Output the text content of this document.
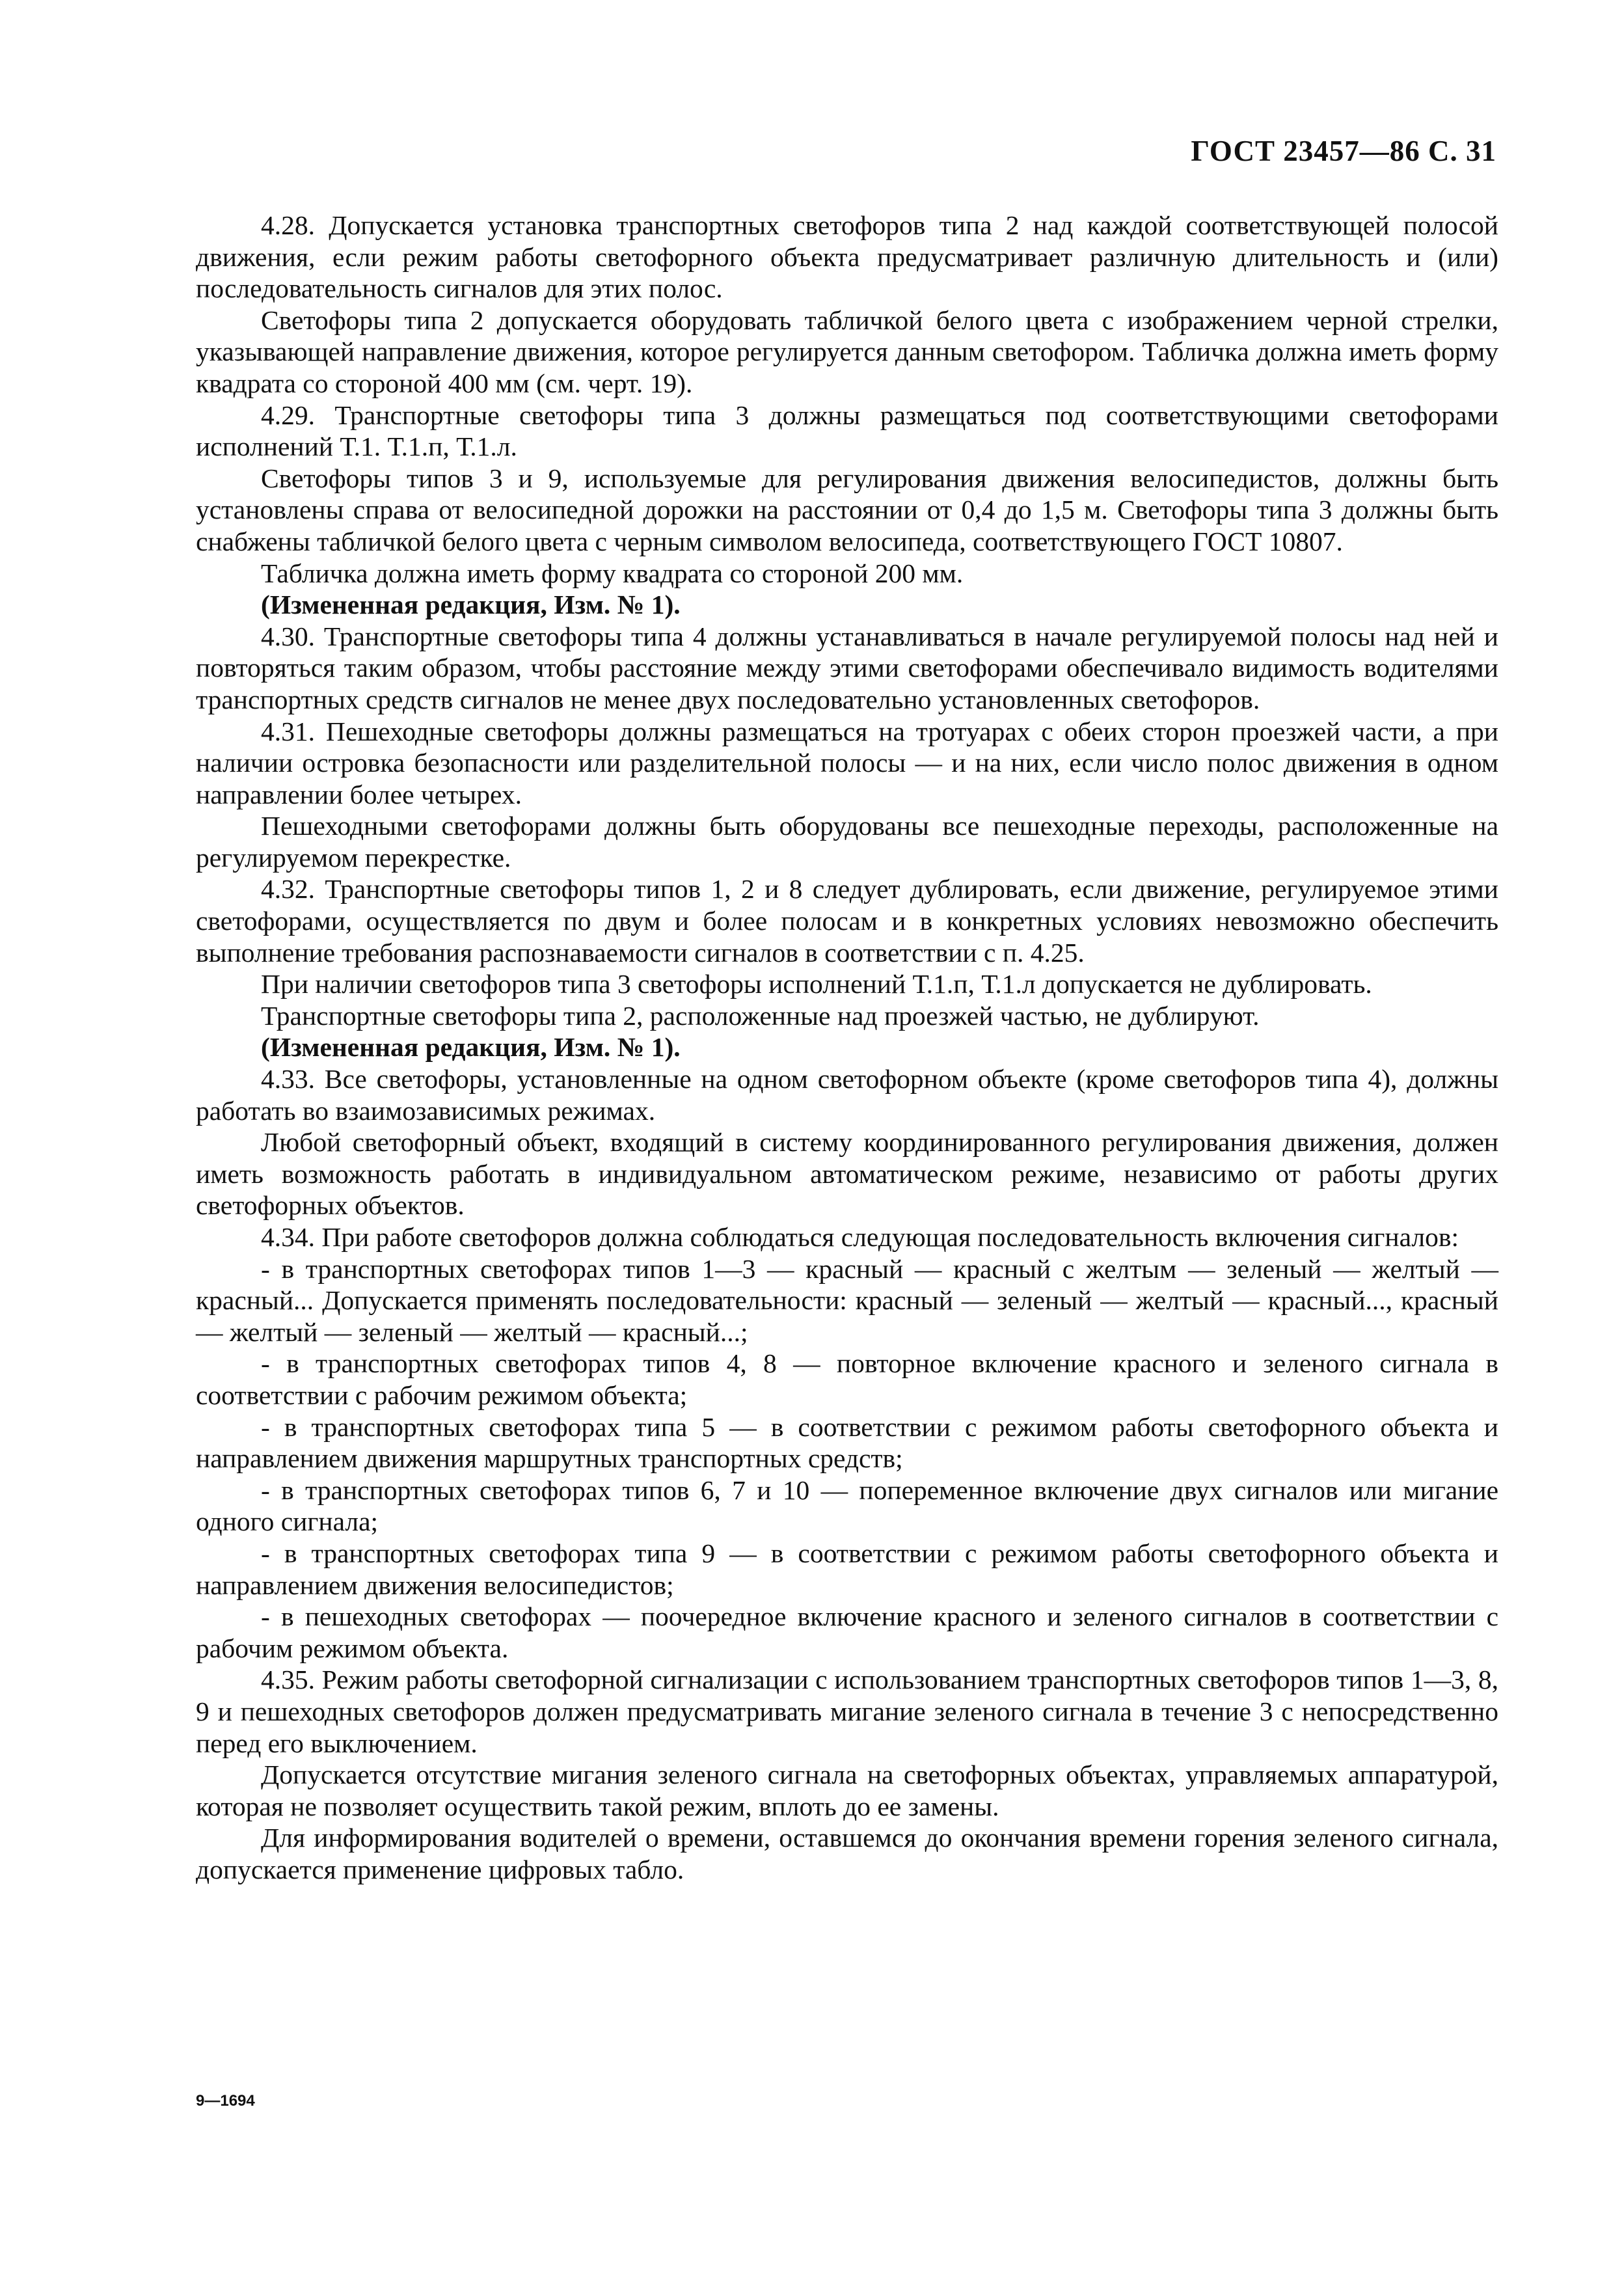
ГОСТ 23457—86 С. 31

4.28. Допускается установка транспортных светофоров типа 2 над каждой соответствующей полосой движения, если режим работы светофорного объекта предусматривает различную длительность и (или) последовательность сигналов для этих полос.

Светофоры типа 2 допускается оборудовать табличкой белого цвета с изображением черной стрелки, указывающей направление движения, которое регулируется данным светофором. Табличка должна иметь форму квадрата со стороной 400 мм (см. черт. 19).

4.29. Транспортные светофоры типа 3 должны размещаться под соответствующими светофорами исполнений Т.1. Т.1.п, Т.1.л.

Светофоры типов 3 и 9, используемые для регулирования движения велосипедистов, должны быть установлены справа от велосипедной дорожки на расстоянии от 0,4 до 1,5 м. Светофоры типа 3 должны быть снабжены табличкой белого цвета с черным символом велосипеда, соответствующего ГОСТ 10807.

Табличка должна иметь форму квадрата со стороной 200 мм.

(Измененная редакция, Изм. № 1).

4.30. Транспортные светофоры типа 4 должны устанавливаться в начале регулируемой полосы над ней и повторяться таким образом, чтобы расстояние между этими светофорами обеспечивало видимость водителями транспортных средств сигналов не менее двух последовательно установленных светофоров.

4.31. Пешеходные светофоры должны размещаться на тротуарах с обеих сторон проезжей части, а при наличии островка безопасности или разделительной полосы — и на них, если число полос движения в одном направлении более четырех.

Пешеходными светофорами должны быть оборудованы все пешеходные переходы, расположенные на регулируемом перекрестке.

4.32. Транспортные светофоры типов 1, 2 и 8 следует дублировать, если движение, регулируемое этими светофорами, осуществляется по двум и более полосам и в конкретных условиях невозможно обеспечить выполнение требования распознаваемости сигналов в соответствии с п. 4.25.

При наличии светофоров типа 3 светофоры исполнений Т.1.п, Т.1.л допускается не дублировать.

Транспортные светофоры типа 2, расположенные над проезжей частью, не дублируют.

(Измененная редакция, Изм. № 1).

4.33. Все светофоры, установленные на одном светофорном объекте (кроме светофоров типа 4), должны работать во взаимозависимых режимах.

Любой светофорный объект, входящий в систему координированного регулирования движения, должен иметь возможность работать в индивидуальном автоматическом режиме, независимо от работы других светофорных объектов.

4.34. При работе светофоров должна соблюдаться следующая последовательность включения сигналов:

- в транспортных светофорах типов 1—3 — красный — красный с желтым — зеленый — желтый — красный... Допускается применять последовательности: красный — зеленый — желтый — красный..., красный — желтый — зеленый — желтый — красный...;

- в транспортных светофорах типов 4, 8 — повторное включение красного и зеленого сигнала в соответствии с рабочим режимом объекта;

- в транспортных светофорах типа 5 — в соответствии с режимом работы светофорного объекта и направлением движения маршрутных транспортных средств;

- в транспортных светофорах типов 6, 7 и 10 — попеременное включение двух сигналов или мигание одного сигнала;

- в транспортных светофорах типа 9 — в соответствии с режимом работы светофорного объекта и направлением движения велосипедистов;

- в пешеходных светофорах — поочередное включение красного и зеленого сигналов в соответствии с рабочим режимом объекта.

4.35. Режим работы светофорной сигнализации с использованием транспортных светофоров типов 1—3, 8, 9 и пешеходных светофоров должен предусматривать мигание зеленого сигнала в течение 3 с непосредственно перед его выключением.

Допускается отсутствие мигания зеленого сигнала на светофорных объектах, управляемых аппаратурой, которая не позволяет осуществить такой режим, вплоть до ее замены.

Для информирования водителей о времени, оставшемся до окончания времени горения зеленого сигнала, допускается применение цифровых табло.

9—1694
